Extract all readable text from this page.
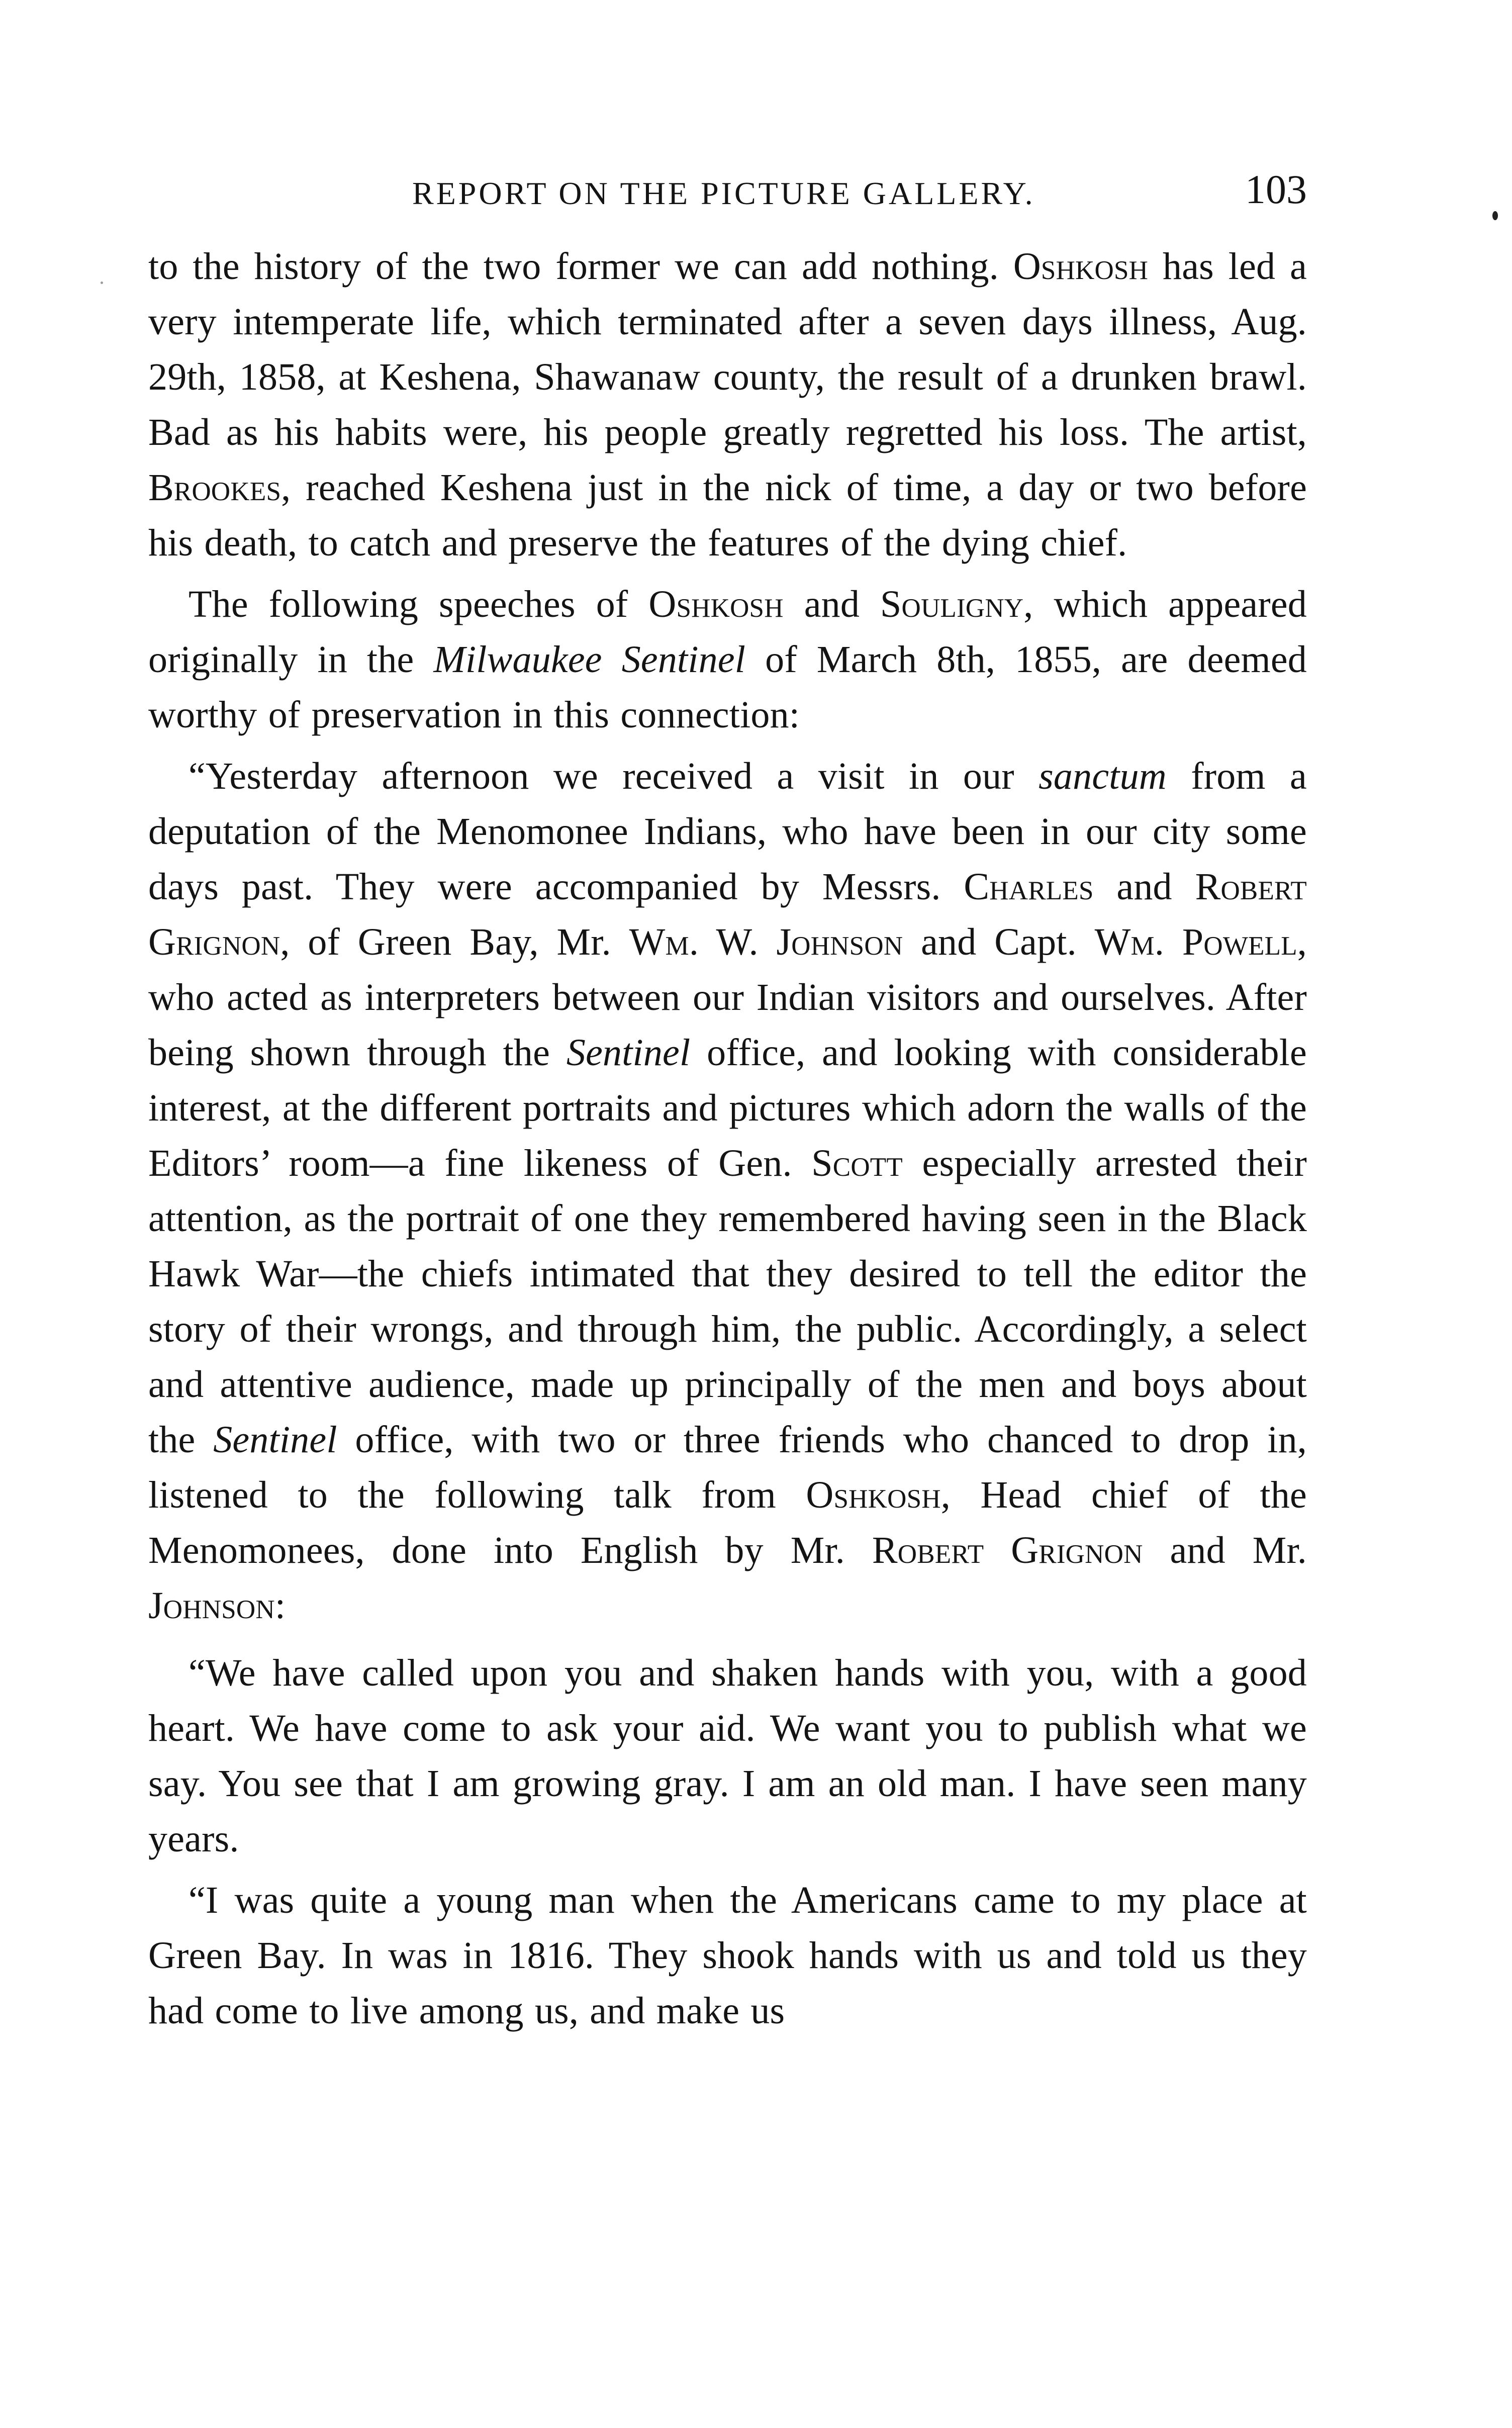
REPORT ON THE PICTURE GALLERY.	103

to the history of the two former we can add nothing. Oshkosh has led a very intemperate life, which terminated after a seven days illness, Aug. 29th, 1858, at Keshena, Shawanaw county, the result of a drunken brawl. Bad as his habits were, his people greatly regretted his loss. The artist, Brookes, reached Keshena just in the nick of time, a day or two before his death, to catch and preserve the features of the dying chief.

The following speeches of Oshkosh and Souligny, which appeared originally in the Milwaukee Sentinel of March 8th, 1855, are deemed worthy of preservation in this connection:

“Yesterday afternoon we received a visit in our sanctum from a deputation of the Menomonee Indians, who have been in our city some days past. They were accompanied by Messrs. Charles and Robert Grignon, of Green Bay, Mr. Wm. W. Johnson and Capt. Wm. Powell, who acted as interpreters between our Indian visitors and ourselves. After being shown through the Sentinel office, and looking with considerable interest, at the different portraits and pictures which adorn the walls of the Editors’ room—a fine likeness of Gen. Scott especially arrested their attention, as the portrait of one they remembered having seen in the Black Hawk War—the chiefs intimated that they desired to tell the editor the story of their wrongs, and through him, the public. Accordingly, a select and attentive audience, made up principally of the men and boys about the Sentinel office, with two or three friends who chanced to drop in, listened to the following talk from Oshkosh, Head chief of the Menomonees, done into English by Mr. Robert Grignon and Mr. Johnson:

“We have called upon you and shaken hands with you, with a good heart. We have come to ask your aid. We want you to publish what we say. You see that I am growing gray. I am an old man. I have seen many years.

“I was quite a young man when the Americans came to my place at Green Bay. In was in 1816. They shook hands with us and told us they had come to live among us, and make us
